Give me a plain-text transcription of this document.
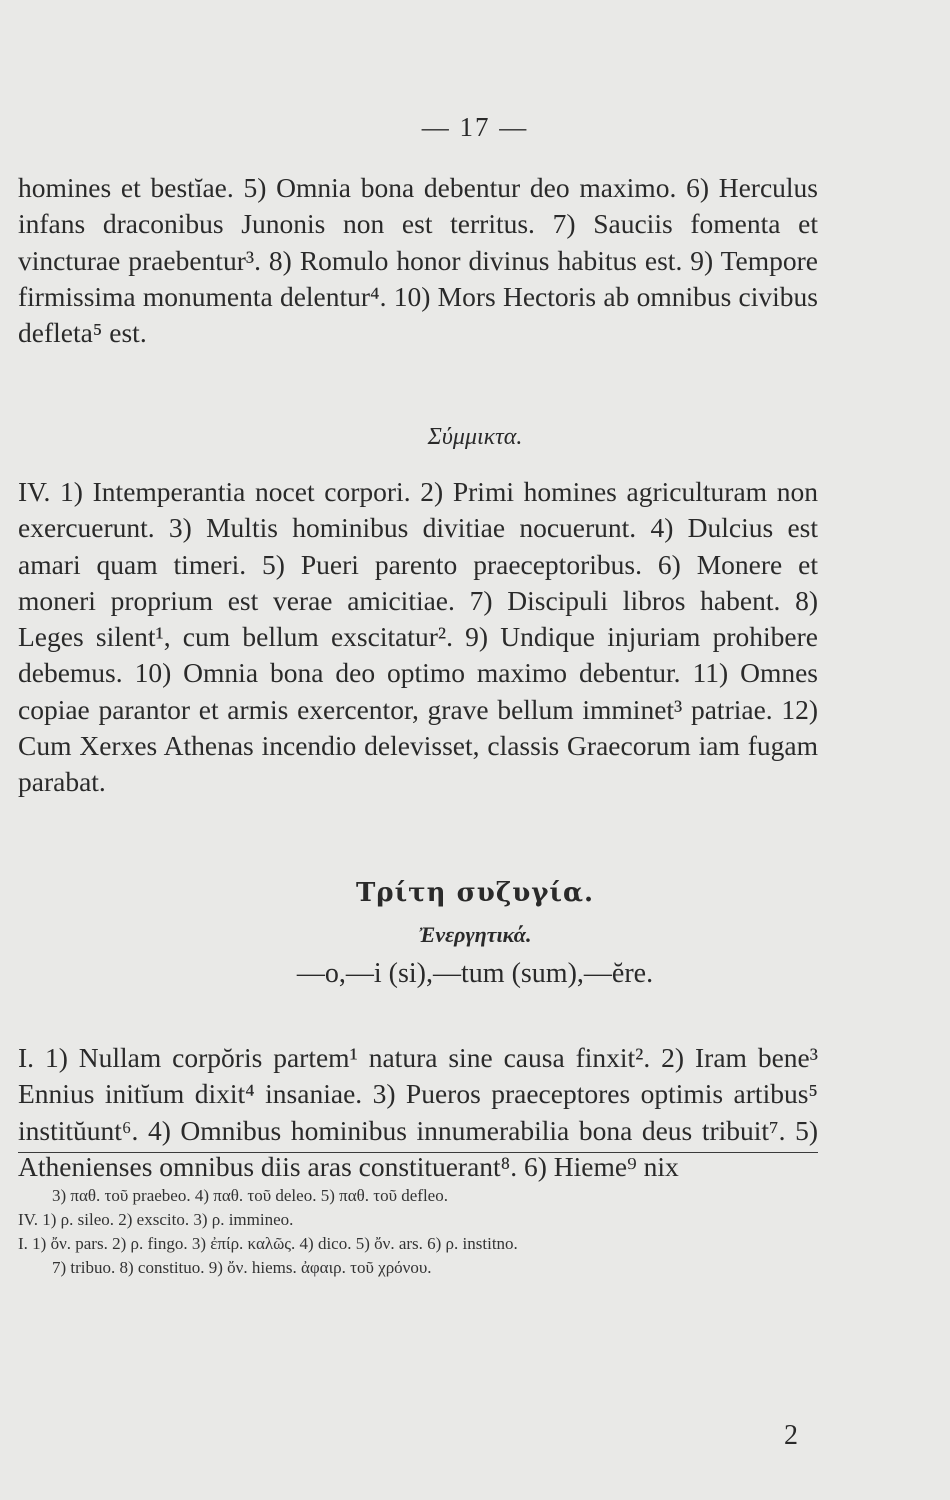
— 17 —

homines et bestĭae. 5) Omnia bona debentur deo maximo. 6) Herculus infans draconibus Junonis non est territus. 7) Sauciis fomenta et vincturae praebentur³. 8) Romulo honor divinus habitus est. 9) Tempore firmissima monumenta delentur⁴. 10) Mors Hectoris ab omnibus civibus defleta⁵ est.

Σύμμικτα.

IV. 1) Intemperantia nocet corpori. 2) Primi homines agriculturam non exercuerunt. 3) Multis hominibus divitiae nocuerunt. 4) Dulcius est amari quam timeri. 5) Pueri parento praeceptoribus. 6) Monere et moneri proprium est verae amicitiae. 7) Discipuli libros habent. 8) Leges silent¹, cum bellum exscitatur². 9) Undique injuriam prohibere debemus. 10) Omnia bona deo optimo maximo debentur. 11) Omnes copiae parantor et armis exercentor, grave bellum imminet³ patriae. 12) Cum Xerxes Athenas incendio delevisset, classis Graecorum iam fugam parabat.

Τρίτη συζυγία.
Ἐνεργητικά.
—o,—i (si),—tum (sum),—ĕre.

I. 1) Nullam corpŏris partem¹ natura sine causa finxit². 2) Iram bene³ Ennius initĭum dixit⁴ insaniae. 3) Pueros praeceptores optimis artibus⁵ institŭunt⁶. 4) Omnibus hominibus innumerabilia bona deus tribuit⁷. 5) Athenienses omnibus diis aras constituerant⁸. 6) Hieme⁹ nix

3) παθ. τοῦ praebeo. 4) παθ. τοῦ deleo. 5) παθ. τοῦ defleo.
IV. 1) ρ. sileo. 2) exscito. 3) ρ. immineo.
I. 1) ὄν. pars. 2) ρ. fingo. 3) ἐπίρ. καλῶς. 4) dico. 5) ὄν. ars. 6) ρ. institno.
7) tribuo. 8) constituo. 9) ὄν. hiems. ἀφαιρ. τοῦ χρόνου.
2
